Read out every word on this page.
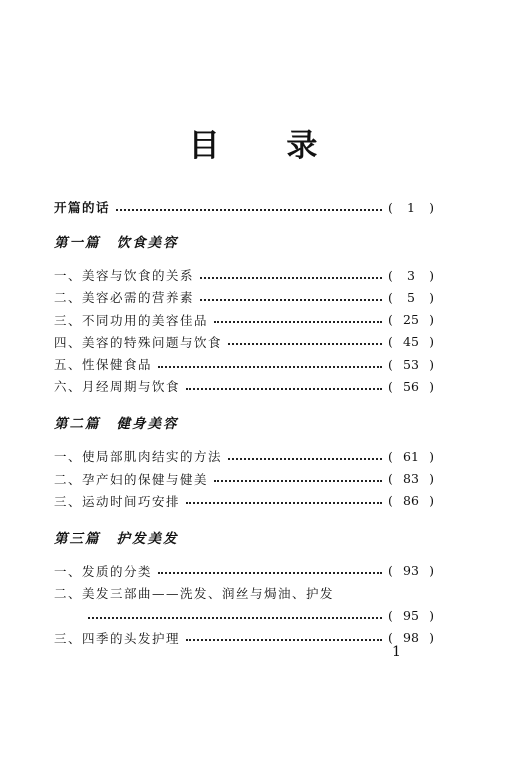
目 录
开篇的话	(	1	)
第一篇 饮食美容
一、美容与饮食的关系	(	3	)
二、美容必需的营养素	(	5	)
三、不同功用的美容佳品	( 25 )
四、美容的特殊问题与饮食	( 45 )
五、性保健食品	( 53 )
六、月经周期与饮食	( 56 )
第二篇 健身美容
一、使局部肌肉结实的方法	( 61 )
二、孕产妇的保健与健美	( 83 )
三、运动时间巧安排	( 86 )
第三篇 护发美发
一、发质的分类	( 93 )
二、美发三部曲——洗发、润丝与焗油、护发
( 95 )
三、四季的头发护理	( 98 )
1
